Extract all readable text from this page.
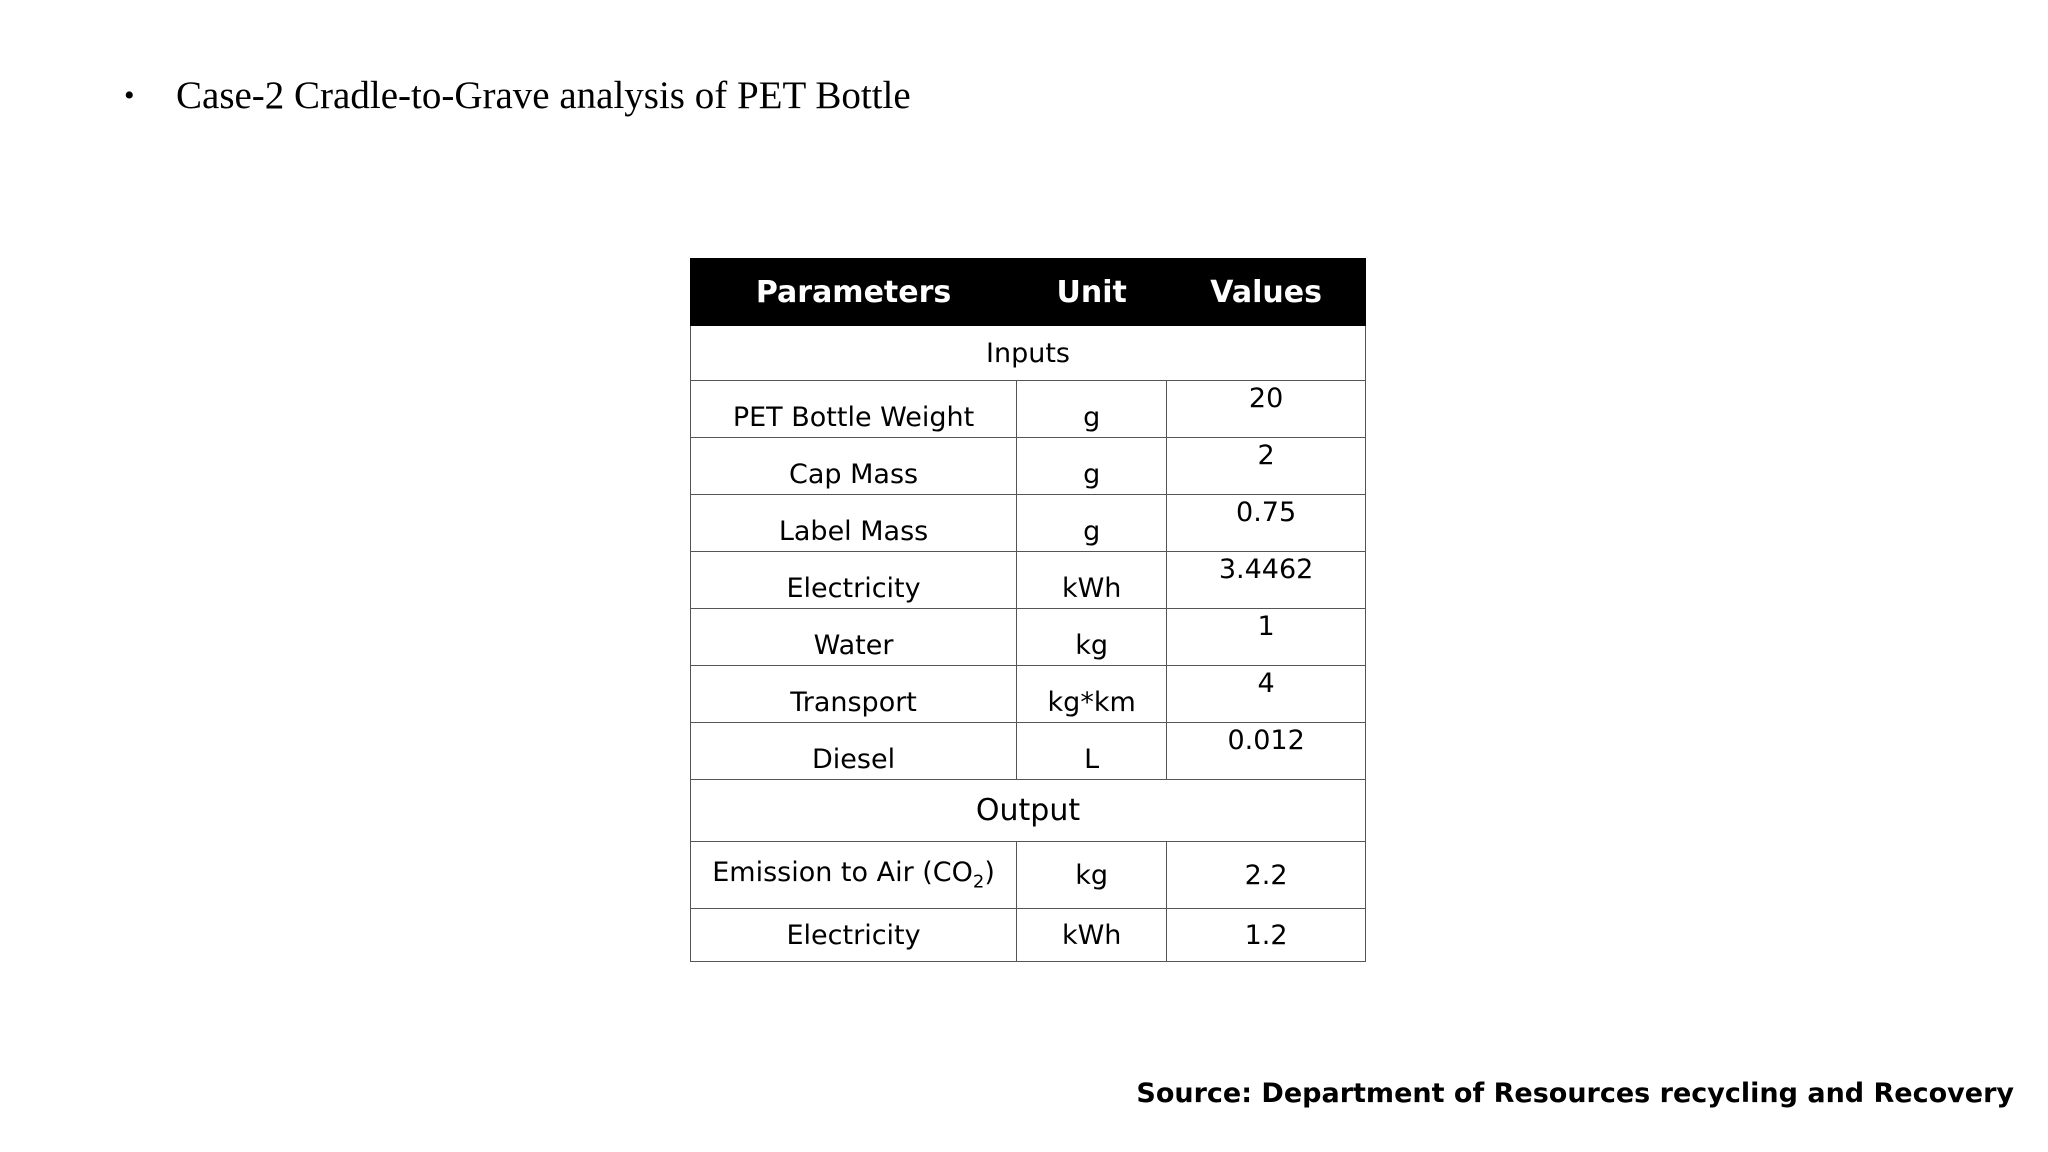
•	Case-2 Cradle-to-Grave analysis of PET Bottle
Parameters	Unit	Values
Inputs		
PET Bottle Weight	g	20
Cap Mass	g	2
Label Mass	g	0.75
Electricity	kWh	3.4462
Water	kg	1
Transport	kg*km	4
Diesel	L	0.012
Output		
Emission to Air $(CO_2)$	kg	2.2
Electricity	kWh	1.2
Source: Department of Resources recycling and Recovery
